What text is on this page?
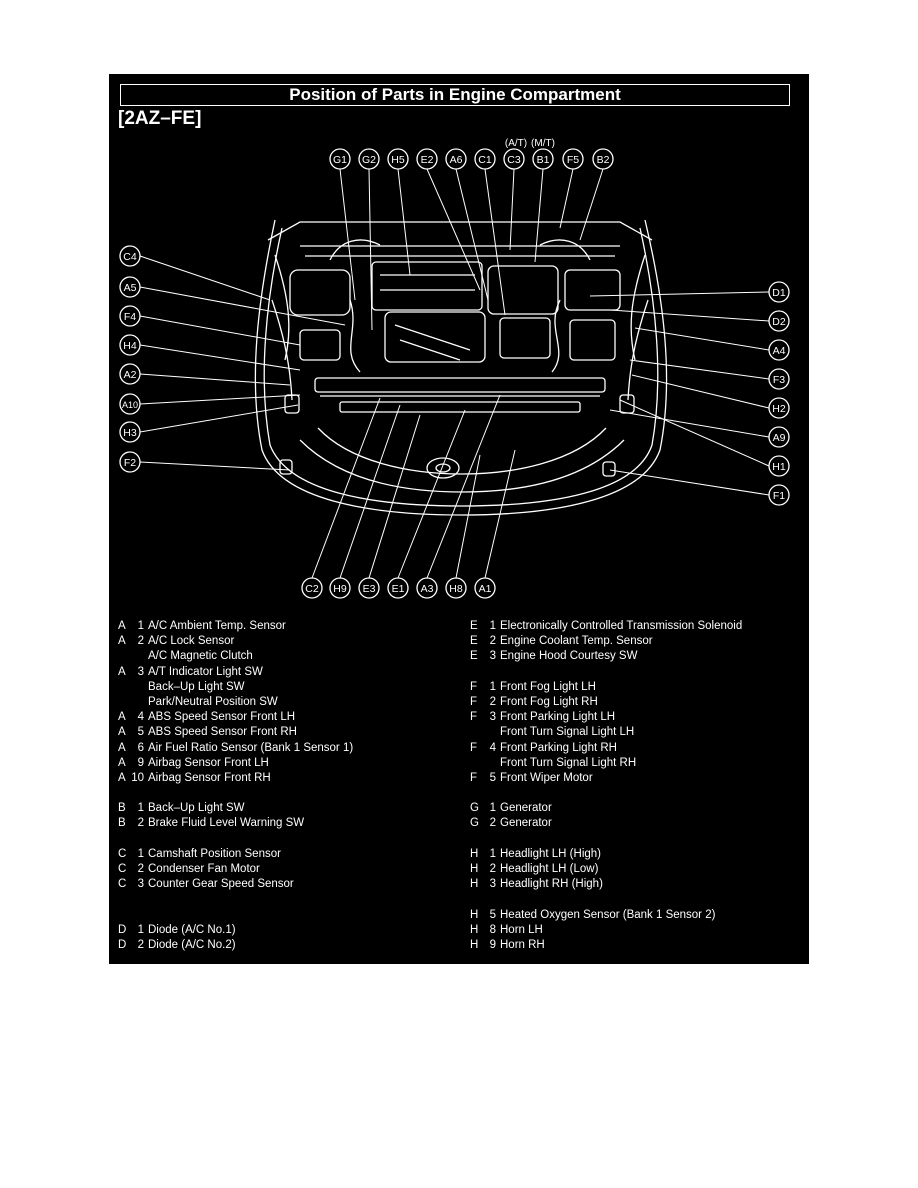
Position of Parts in Engine Compartment
[2AZ–FE]
G1 G2 H5 E2 A6 C1 C3 B1 F5 B2
C4
A5
F4
H4
A2
A10
H3
F2
D1
D2
A4
F3
H2
A9
H1
F1
C2 H9 E3 E1 A3 H8 A1
(A/T) (M/T)
A	1 A/C Ambient Temp. Sensor
A	2 A/C Lock Sensor
A/C Magnetic Clutch
A	3 A/T Indicator Light SW
Back–Up Light SW
Park/Neutral Position SW
A	4 ABS Speed Sensor Front LH
A	5 ABS Speed Sensor Front RH
A	6 Air Fuel Ratio Sensor (Bank 1 Sensor 1)
A	9 Airbag Sensor Front LH
A 10 Airbag Sensor Front RH
B	1 Back–Up Light SW
B	2 Brake Fluid Level Warning SW
C 1 Camshaft Position Sensor
C 2 Condenser Fan Motor
C 3 Counter Gear Speed Sensor
D 1 Diode (A/C No.1)
D 2 Diode (A/C No.2)
E	1 Electronically Controlled Transmission Solenoid
E	2 Engine Coolant Temp. Sensor
E	3 Engine Hood Courtesy SW
F	1 Front Fog Light LH
F	2 Front Fog Light RH
F	3 Front Parking Light LH
Front Turn Signal Light LH
F	4 Front Parking Light RH
Front Turn Signal Light RH
F	5 Front Wiper Motor
G 1 Generator
G 2 Generator
H 1 Headlight LH (High)
H 2 Headlight LH (Low)
H 3 Headlight RH (High)
H 5 Heated Oxygen Sensor (Bank 1 Sensor 2)
H 8 Horn LH
H 9 Horn RH
